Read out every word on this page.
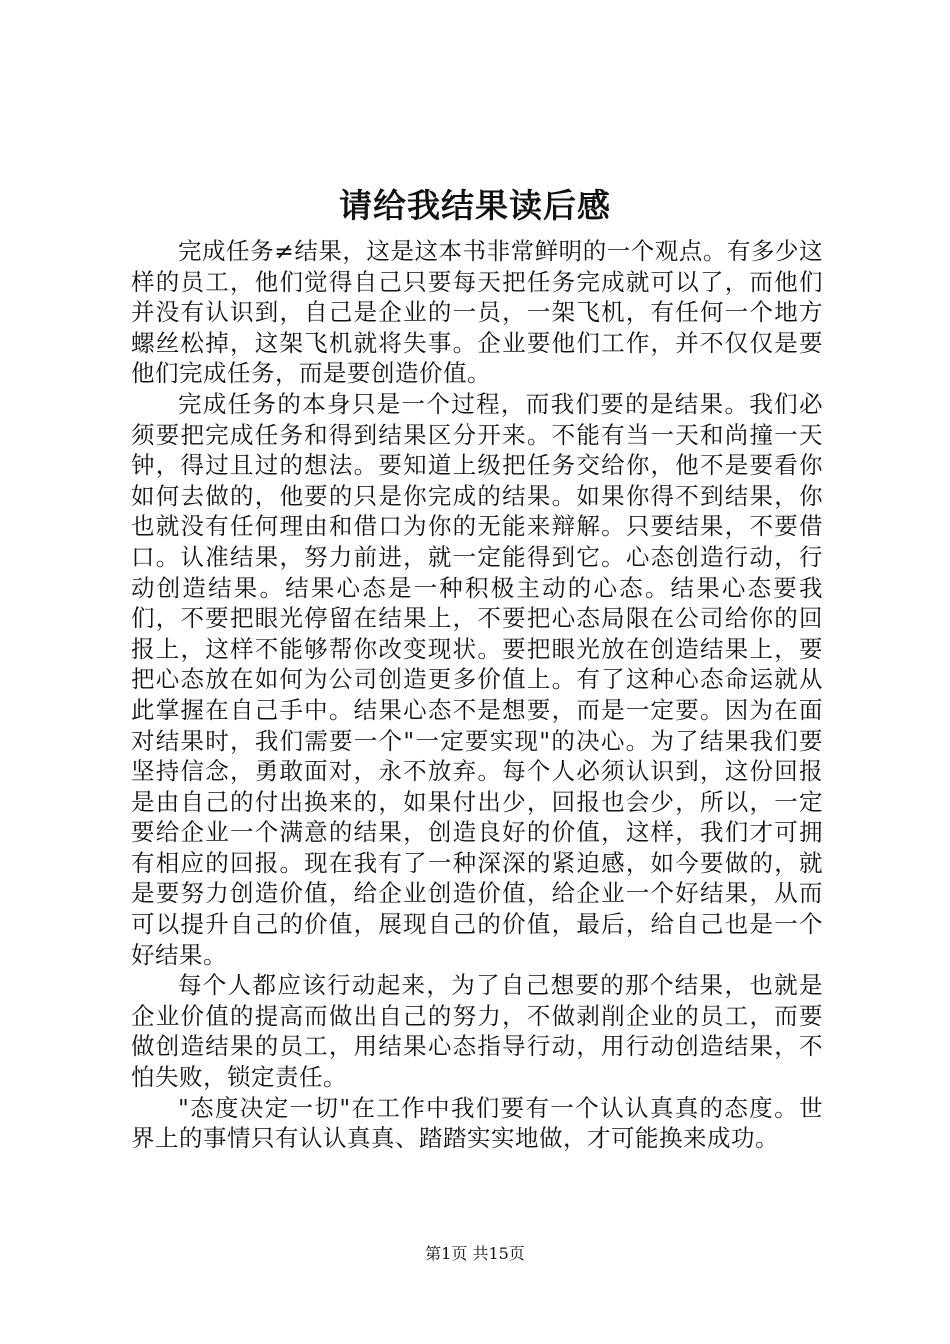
请给我结果读后感

完成任务≠结果，这是这本书非常鲜明的一个观点。有多少这样的员工，他们觉得自己只要每天把任务完成就可以了，而他们并没有认识到，自己是企业的一员，一架飞机，有任何一个地方螺丝松掉，这架飞机就将失事。企业要他们工作，并不仅仅是要他们完成任务，而是要创造价值。

完成任务的本身只是一个过程，而我们要的是结果。我们必须要把完成任务和得到结果区分开来。不能有当一天和尚撞一天钟，得过且过的想法。要知道上级把任务交给你，他不是要看你如何去做的，他要的只是你完成的结果。如果你得不到结果，你也就没有任何理由和借口为你的无能来辩解。只要结果，不要借口。认准结果，努力前进，就一定能得到它。心态创造行动，行动创造结果。结果心态是一种积极主动的心态。结果心态要我们，不要把眼光停留在结果上，不要把心态局限在公司给你的回报上，这样不能够帮你改变现状。要把眼光放在创造结果上，要把心态放在如何为公司创造更多价值上。有了这种心态命运就从此掌握在自己手中。结果心态不是想要，而是一定要。因为在面对结果时，我们需要一个"一定要实现"的决心。为了结果我们要坚持信念，勇敢面对，永不放弃。每个人必须认识到，这份回报是由自己的付出换来的，如果付出少，回报也会少，所以，一定要给企业一个满意的结果，创造良好的价值，这样，我们才可拥有相应的回报。现在我有了一种深深的紧迫感，如今要做的，就是要努力创造价值，给企业创造价值，给企业一个好结果，从而可以提升自己的价值，展现自己的价值，最后，给自己也是一个好结果。

每个人都应该行动起来，为了自己想要的那个结果，也就是企业价值的提高而做出自己的努力，不做剥削企业的员工，而要做创造结果的员工，用结果心态指导行动，用行动创造结果，不怕失败，锁定责任。

"态度决定一切"在工作中我们要有一个认认真真的态度。世界上的事情只有认认真真、踏踏实实地做，才可能换来成功。

第1页 共15页
